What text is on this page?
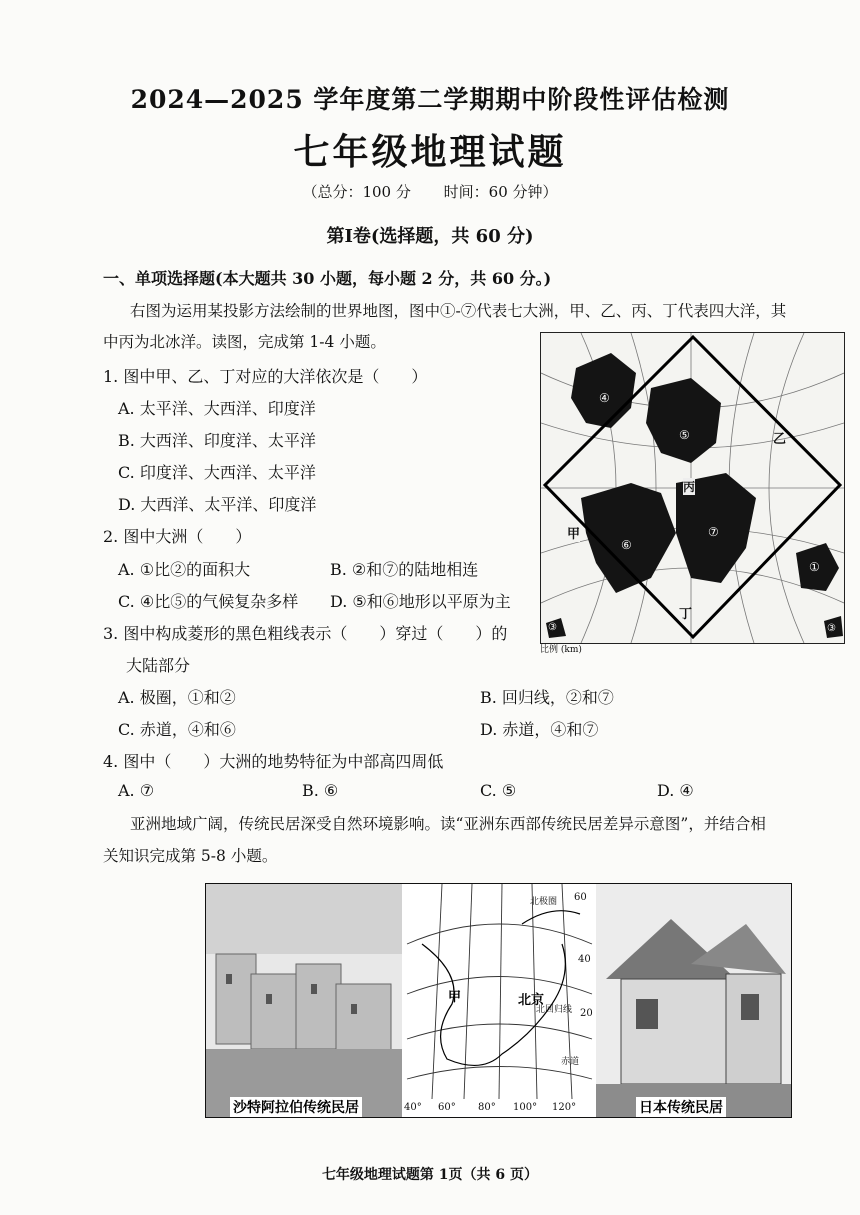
2024—2025 学年度第二学期期中阶段性评估检测
七年级地理试题
（总分：100 分 时间：60 分钟）
第Ⅰ卷(选择题，共 60 分)
一、单项选择题(本大题共 30 小题，每小题 2 分，共 60 分。)
右图为运用某投影方法绘制的世界地图，图中①-⑦代表七大洲，甲、乙、丙、丁代表四大洋，其
中丙为北冰洋。读图，完成第 1-4 小题。
1. 图中甲、乙、丁对应的大洋依次是（　　）
A. 太平洋、大西洋、印度洋
B. 大西洋、印度洋、太平洋
C. 印度洋、大西洋、太平洋
D. 大西洋、太平洋、印度洋
2. 图中大洲（　　）
A. ①比②的面积大	B. ②和⑦的陆地相连
C. ④比⑤的气候复杂多样 D. ⑤和⑥地形以平原为主
3. 图中构成菱形的黑色粗线表示（　　）穿过（　　）的
大陆部分
A. 极圈，①和②	B. 回归线，②和⑦
C. 赤道，④和⑥	D. 赤道，④和⑦
4. 图中（　　）大洲的地势特征为中部高四周低
A. ⑦	B. ⑥	C. ⑤	D. ④
④
⑤
⑥
⑦
①
③	③
甲
乙
丙
丁
比例 (km)
亚洲地域广阔，传统民居深受自然环境影响。读“亚洲东西部传统民居差异示意图”，并结合相
关知识完成第 5-8 小题。
甲	北京
北极圈
北回归线
赤道
60
40
20
40° 60° 80° 100° 120°
沙特阿拉伯传统民居	日本传统民居
七年级地理试题第 1页（共 6 页）
